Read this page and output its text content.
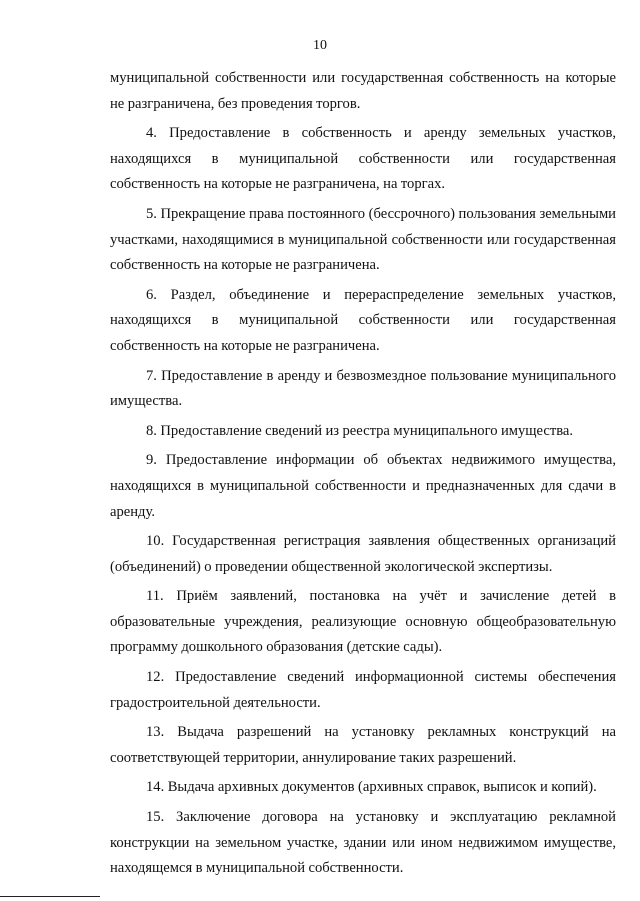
10

муниципальной собственности или государственная собственность на которые не разграничена, без проведения торгов.

4. Предоставление в собственность и аренду земельных участков, находящихся в муниципальной собственности или государственная собственность на которые не разграничена, на торгах.

5. Прекращение права постоянного (бессрочного) пользования земельными участками, находящимися в муниципальной собственности или государственная собственность на которые не разграничена.

6. Раздел, объединение и перераспределение земельных участков, находящихся в муниципальной собственности или государственная собственность на которые не разграничена.

7. Предоставление в аренду и безвозмездное пользование муниципального имущества.

8. Предоставление сведений из реестра муниципального имущества.

9. Предоставление информации об объектах недвижимого имущества, находящихся в муниципальной собственности и предназначенных для сдачи в аренду.

10. Государственная регистрация заявления общественных организаций (объединений) о проведении общественной экологической экспертизы.

11. Приём заявлений, постановка на учёт и зачисление детей в образовательные учреждения, реализующие основную общеобразовательную программу дошкольного образования (детские сады).

12. Предоставление сведений информационной системы обеспечения градостроительной деятельности.

13. Выдача разрешений на установку рекламных конструкций на соответствующей территории, аннулирование таких разрешений.

14. Выдача архивных документов (архивных справок, выписок и копий).

15. Заключение договора на установку и эксплуатацию рекламной конструкции на земельном участке, здании или ином недвижимом имуществе, находящемся в муниципальной собственности.
